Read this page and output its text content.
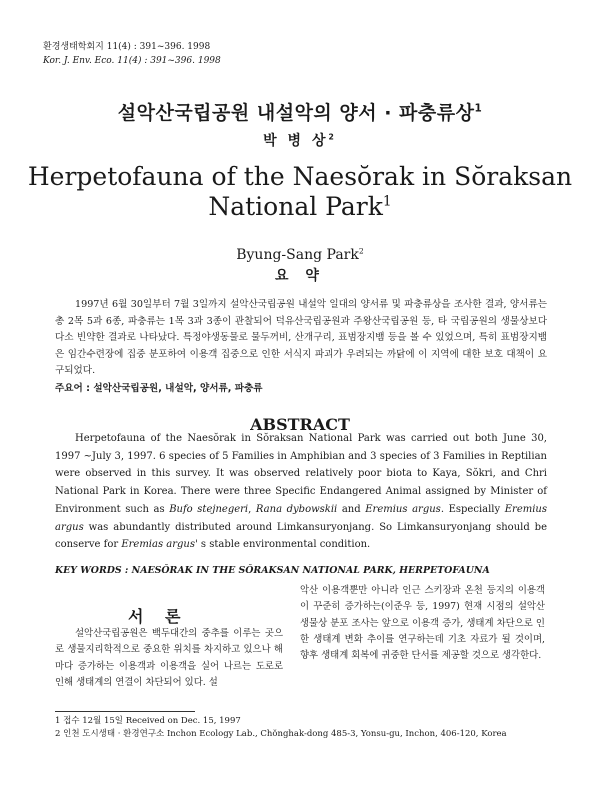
환경생태학회지 11(4) : 391~396. 1998
Kor. J. Env. Eco. 11(4) : 391~396. 1998
설악산국립공원 내설악의 양서 · 파충류상$^1$
박 병 상$^2$
Herpetofauna of the Naesŏrak in Sŏraksan
National Park$^1$
Byung-Sang Park$^2$
요 약

1997년 6월 30일부터 7월 3일까지 설악산국립공원 내설악 일대의 양서류 및 파충류상을 조사한 결과, 양서류는 총 2목 5과 6종, 파충류는 1목 3과 3종이 관찰되어 덕유산국립공원과 주왕산국립공원 등, 타 국립공원의 생물상보다 다소 빈약한 결과로 나타났다. 특정야생동물로 물두꺼비, 산개구리, 표범장지뱀 등을 볼 수 있었으며, 특히 표범장지뱀은 임간수련장에 집중 분포하여 이용객 집중으로 인한 서식지 파괴가 우려되는 까닭에 이 지역에 대한 보호 대책이 요구되었다.

주요어 : 설악산국립공원, 내설악, 양서류, 파충류
ABSTRACT

Herpetofauna of the Naesŏrak in Sŏraksan National Park was carried out both June 30, 1997 ~July 3, 1997. 6 species of 5 Families in Amphibian and 3 species of 3 Families in Reptilian were observed in this survey. It was observed relatively poor biota to Kaya, Sŏkri, and Chri National Park in Korea. There were three Specific Endangered Animal assigned by Minister of Environment such as Bufo stejnegeri, Rana dybowskii and Eremius argus. Especially Eremius argus was abundantly distributed around Limkansuryonjang. So Limkansuryonjang should be conserve for Eremias argus' s stable environmental condition.

KEY WORDS : NAESŎRAK IN THE SŎRAKSAN NATIONAL PARK, HERPETOFAUNA
서 론

설악산국립공원은 백두대간의 중추를 이루는 곳으로 생물지리학적으로 중요한 위치를 차지하고 있으나 해마다 증가하는 이용객과 이용객을 실어 나르는 도로로 인해 생태계의 연결이 차단되어 있다. 설

악산 이용객뿐만 아니라 인근 스키장과 온천 등지의 이용객이 꾸준히 증가하는(이준우 등, 1997) 현재 시점의 설악산 생물상 분포 조사는 앞으로 이용객 증가, 생태계 차단으로 인한 생태계 변화 추이를 연구하는데 기초 자료가 될 것이며, 향후 생태계 회복에 귀중한 단서를 제공할 것으로 생각한다.

1 접수 12월 15일 Received on Dec. 15, 1997
2 인천 도시생태 · 환경연구소 Inchon Ecology Lab., Chŏnghak-dong 485-3, Yonsu-gu, Inchon, 406-120, Korea
